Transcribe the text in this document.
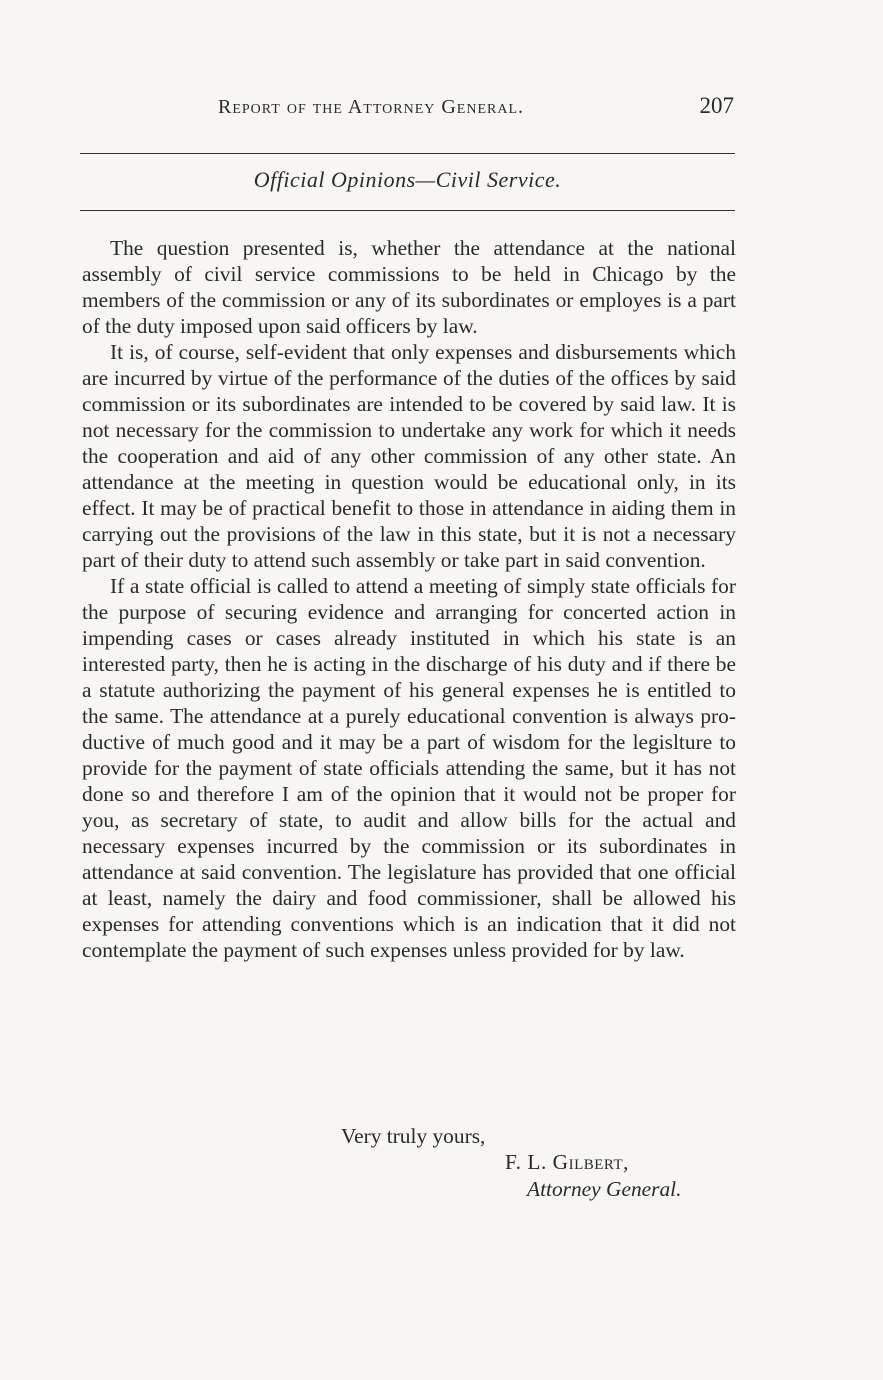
Report of the Attorney General.	207
Official Opinions—Civil Service.

The question presented is, whether the attendance at the national assembly of civil service commissions to be held in Chicago by the members of the commission or any of its subordinates or employes is a part of the duty imposed upon said officers by law.

It is, of course, self-evident that only expenses and disbursements which are incurred by virtue of the performance of the duties of the offices by said commission or its subordinates are intended to be covered by said law. It is not necessary for the commission to undertake any work for which it needs the cooperation and aid of any other commission of any other state. An attendance at the meeting in question would be educational only, in its effect. It may be of practical benefit to those in attendance in aiding them in carrying out the provisions of the law in this state, but it is not a necessary part of their duty to attend such assembly or take part in said convention.

If a state official is called to attend a meeting of simply state officials for the purpose of securing evidence and arranging for concerted action in impending cases or cases already instituted in which his state is an interested party, then he is acting in the discharge of his duty and if there be a statute authorizing the payment of his general expenses he is entitled to the same. The attendance at a purely educational convention is always productive of much good and it may be a part of wisdom for the legislture to provide for the payment of state officials attending the same, but it has not done so and therefore I am of the opinion that it would not be proper for you, as secretary of state, to audit and allow bills for the actual and necessary expenses incurred by the commission or its subordinates in attendance at said convention. The legislature has provided that one official at least, namely the dairy and food commissioner, shall be allowed his expenses for attending conventions which is an indication that it did not contemplate the payment of such expenses unless provided for by law.

Very truly yours,
F. L. Gilbert,
Attorney General.
